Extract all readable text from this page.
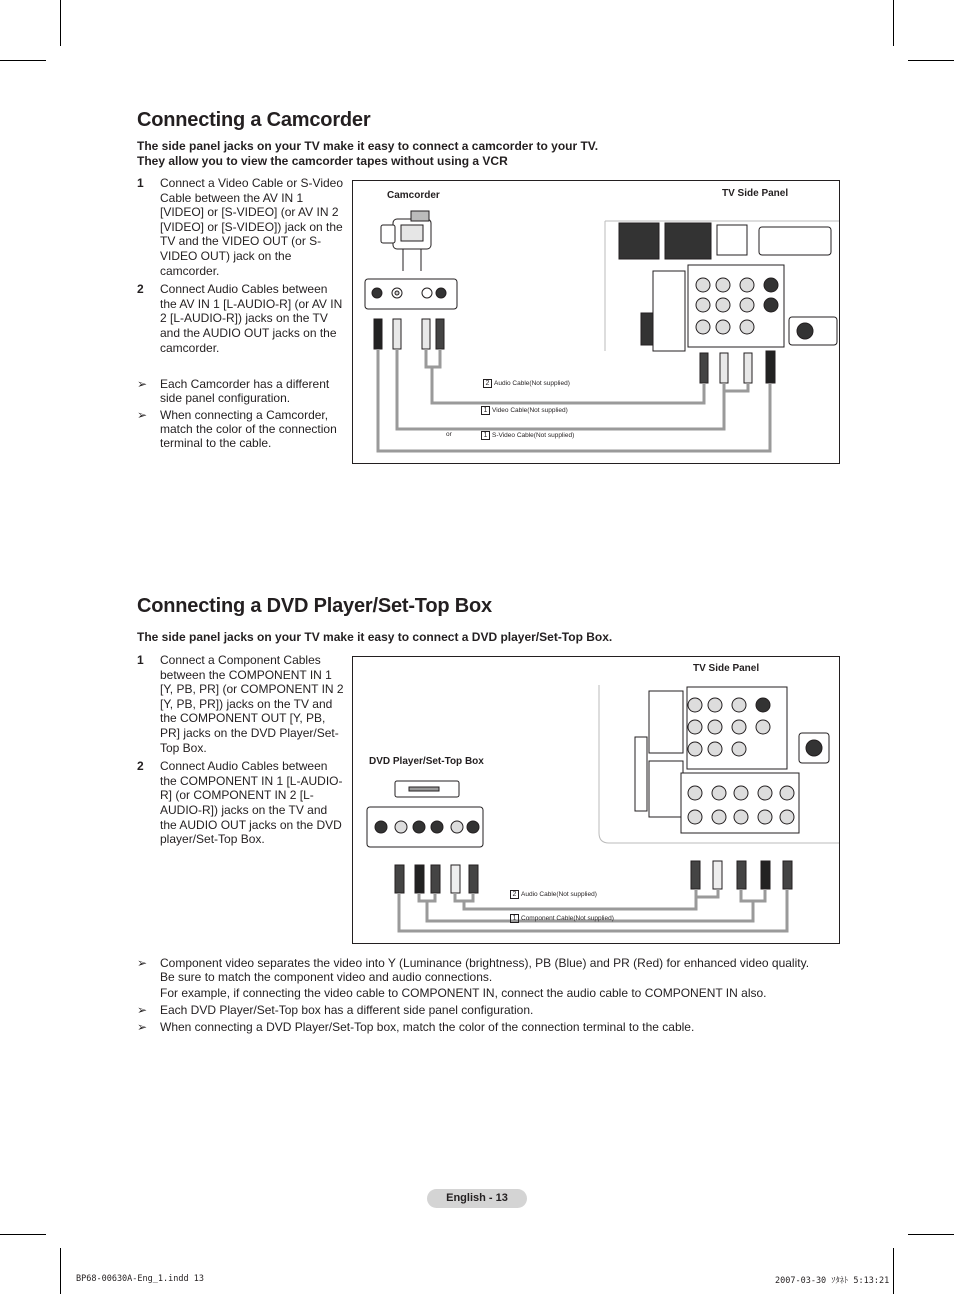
Connecting a Camcorder
The side panel jacks on your TV make it easy to connect a camcorder to your TV.
They allow you to view the camcorder tapes without using a VCR
1	Connect a Video Cable or S-Video Cable between the AV IN 1 [VIDEO] or [S-VIDEO] (or AV IN 2 [VIDEO] or [S-VIDEO]) jack on the TV and the VIDEO OUT (or S-VIDEO OUT) jack on the camcorder.
2	Connect Audio Cables between the AV IN 1 [L-AUDIO-R] (or AV IN 2 [L-AUDIO-R]) jacks on the TV and the AUDIO OUT jacks on the camcorder.
➢	Each Camcorder has a different side panel configuration.
➢	When connecting a Camcorder, match the color of the connection terminal to the cable.
Camcorder	TV Side Panel
2 Audio Cable(Not supplied)
1 Video Cable(Not supplied)
or	1 S-Video Cable(Not supplied)
Connecting a DVD Player/Set-Top Box
The side panel jacks on your TV make it easy to connect a DVD player/Set-Top Box.
1	Connect a Component Cables between the COMPONENT IN 1 [Y, PB, PR] (or COMPONENT IN 2 [Y, PB, PR]) jacks on the TV and the COMPONENT OUT [Y, PB, PR] jacks on the DVD Player/Set-Top Box.
2	Connect Audio Cables between the COMPONENT IN 1 [L-AUDIO-R] (or COMPONENT IN 2 [L-AUDIO-R]) jacks on the TV and the AUDIO OUT jacks on the DVD player/Set-Top Box.
TV Side Panel
DVD Player/Set-Top Box
2 Audio Cable(Not supplied)
1 Component Cable(Not supplied)
➢	Component video separates the video into Y (Luminance (brightness), PB (Blue) and PR (Red) for enhanced video quality.
Be sure to match the component video and audio connections.
For example, if connecting the video cable to COMPONENT IN, connect the audio cable to COMPONENT IN also.
➢	Each DVD Player/Set-Top box has a different side panel configuration.
➢	When connecting a DVD Player/Set-Top box, match the color of the connection terminal to the cable.
English - 13
BP68-00630A-Eng_1.indd 13	2007-03-30 ｿﾀﾈﾄ 5:13:21
